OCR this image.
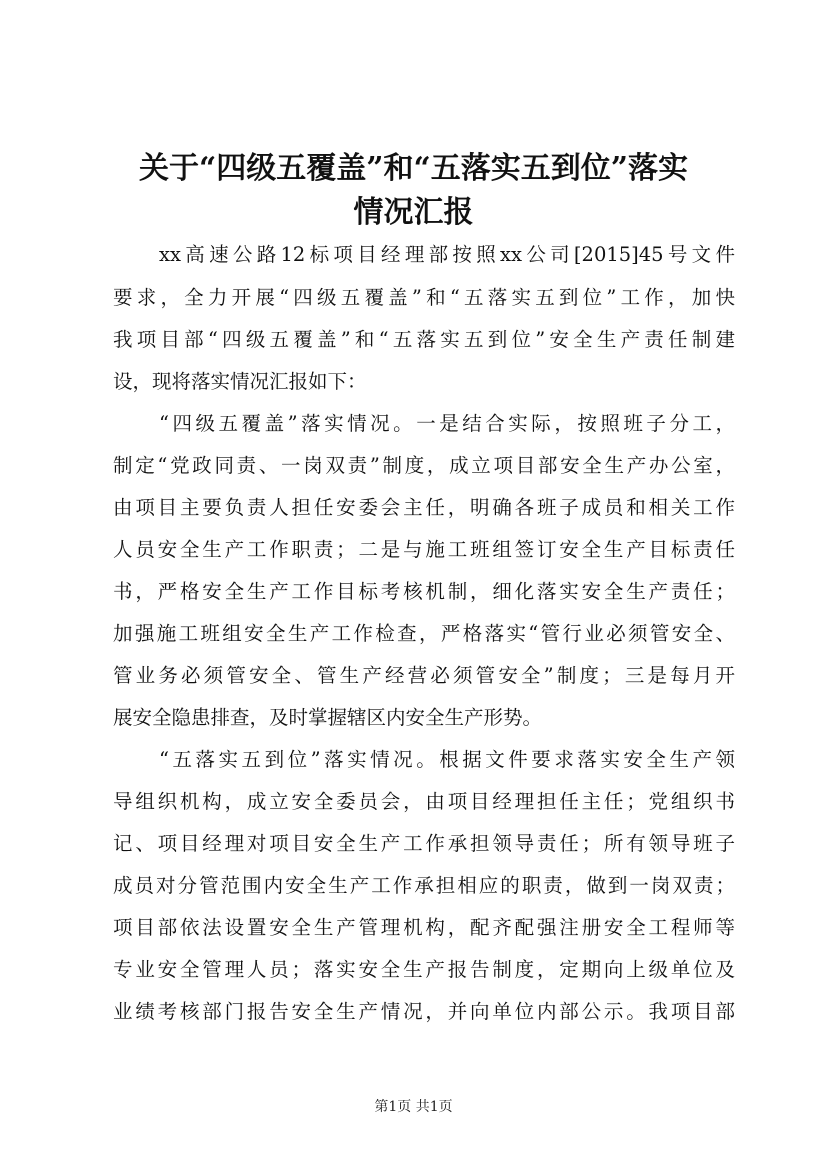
关于“四级五覆盖”和“五落实五到位”落实
情况汇报
xx高速公路12标项目经理部按照xx公司[2015]45号文件
要求，全力开展“四级五覆盖”和“五落实五到位”工作，加快
我项目部“四级五覆盖”和“五落实五到位”安全生产责任制建
设，现将落实情况汇报如下：
“四级五覆盖”落实情况。一是结合实际，按照班子分工，
制定“党政同责、一岗双责”制度，成立项目部安全生产办公室，
由项目主要负责人担任安委会主任，明确各班子成员和相关工作
人员安全生产工作职责；二是与施工班组签订安全生产目标责任
书，严格安全生产工作目标考核机制，细化落实安全生产责任；
加强施工班组安全生产工作检查，严格落实“管行业必须管安全、
管业务必须管安全、管生产经营必须管安全”制度；三是每月开
展安全隐患排查，及时掌握辖区内安全生产形势。
“五落实五到位”落实情况。根据文件要求落实安全生产领
导组织机构，成立安全委员会，由项目经理担任主任；党组织书
记、项目经理对项目安全生产工作承担领导责任；所有领导班子
成员对分管范围内安全生产工作承担相应的职责，做到一岗双责；
项目部依法设置安全生产管理机构，配齐配强注册安全工程师等
专业安全管理人员；落实安全生产报告制度，定期向上级单位及
业绩考核部门报告安全生产情况，并向单位内部公示。我项目部
第1页 共1页
